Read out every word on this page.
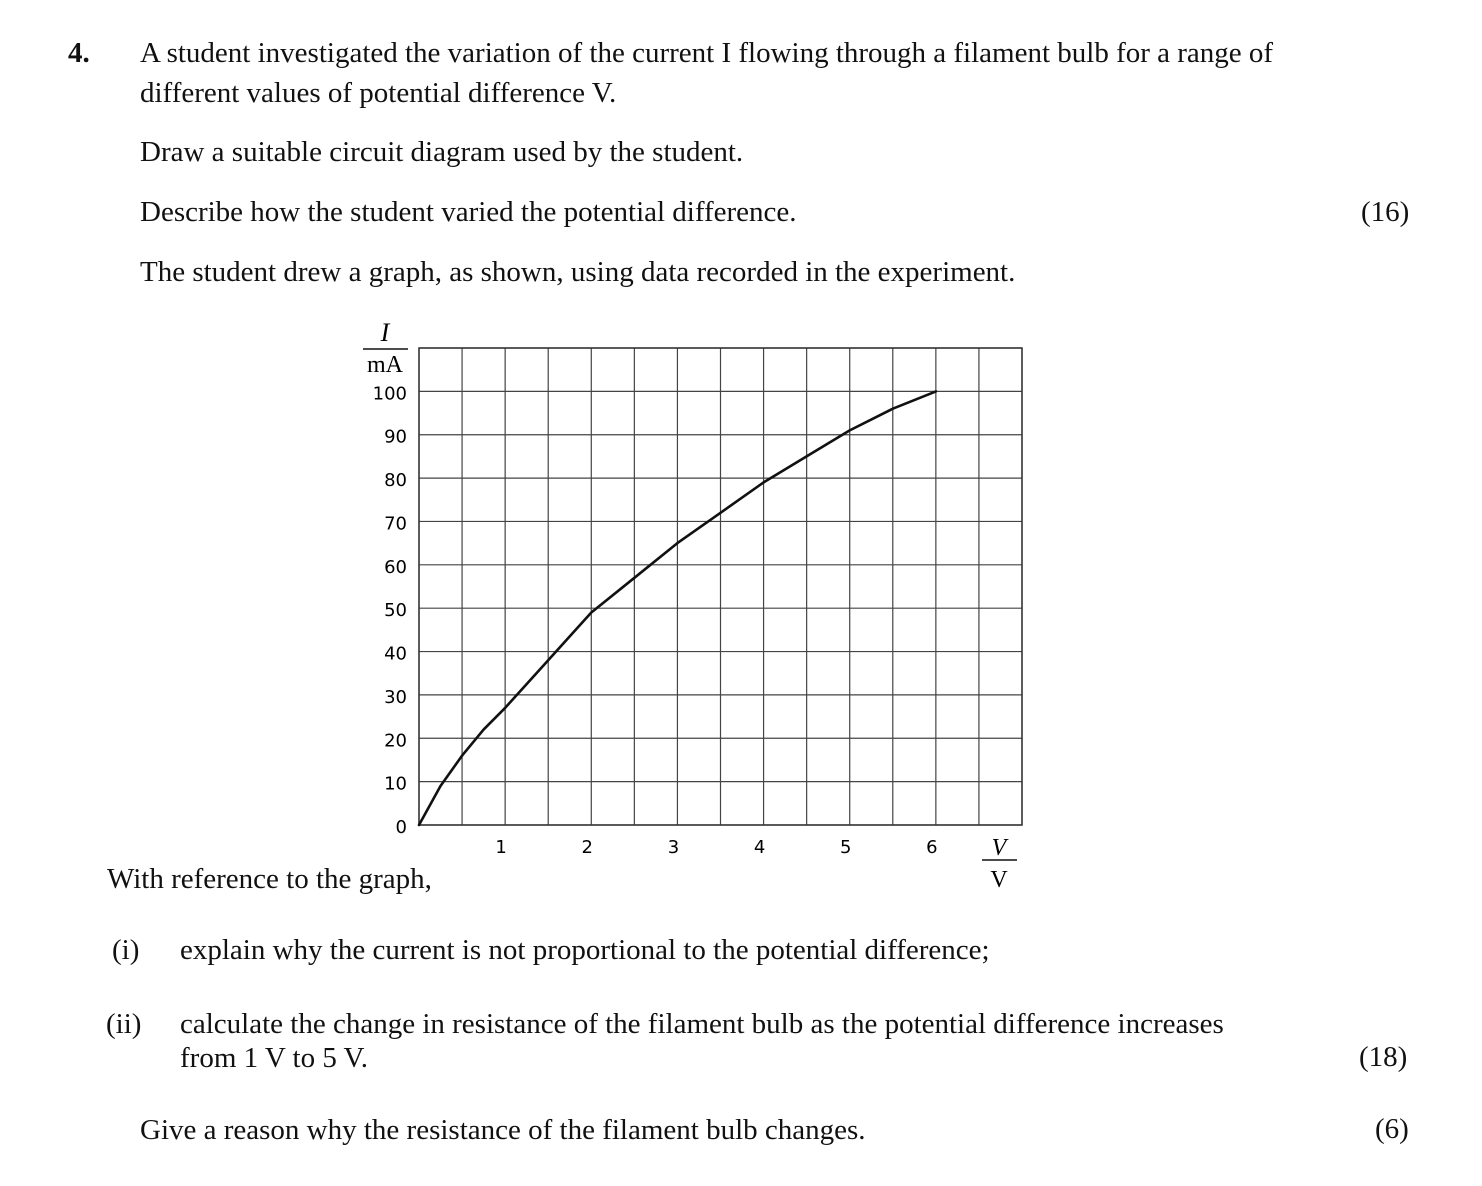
4. A student investigated the variation of the current I flowing through a filament bulb for a range of
different values of potential difference V.
Draw a suitable circuit diagram used by the student.
Describe how the student varied the potential difference.	(16)
The student drew a graph, as shown, using data recorded in the experiment.
0
10
20
30
40
50
60
70
80
90
100
1	2	3	4	5	6
I
mA
V
V
With reference to the graph,
(i) explain why the current is not proportional to the potential difference;
(ii) calculate the change in resistance of the filament bulb as the potential difference increases
from 1 V to 5 V.	(18)
Give a reason why the resistance of the filament bulb changes.	(6)
